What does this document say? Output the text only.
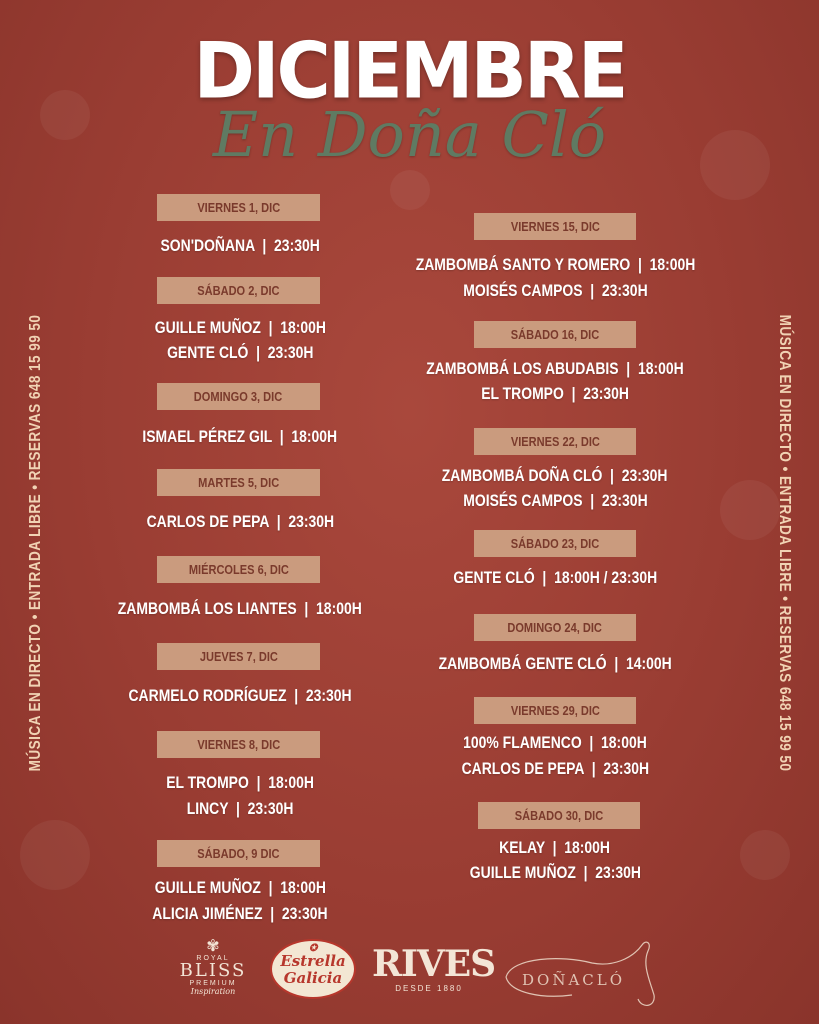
DICIEMBRE
En Doña Cló
MÚSICA EN DIRECTO • ENTRADA LIBRE • RESERVAS 648 15 99 50	MÚSICA EN DIRECTO • ENTRADA LIBRE • RESERVAS 648 15 99 50
VIERNES 1, DIC
SON'DOÑANA  |  23:30H
SÁBADO 2, DIC
GUILLE MUÑOZ  |  18:00H
GENTE CLÓ  |  23:30H
DOMINGO 3, DIC
ISMAEL PÉREZ GIL  |  18:00H
MARTES 5, DIC
CARLOS DE PEPA  |  23:30H
MIÉRCOLES 6, DIC
ZAMBOMBÁ LOS LIANTES  |  18:00H
JUEVES 7, DIC
CARMELO RODRÍGUEZ  |  23:30H
VIERNES 8, DIC
EL TROMPO  |  18:00H
LINCY  |  23:30H
SÁBADO, 9 DIC
GUILLE MUÑOZ  |  18:00H
ALICIA JIMÉNEZ  |  23:30H
VIERNES 15, DIC
ZAMBOMBÁ SANTO Y ROMERO  |  18:00H
MOISÉS CAMPOS  |  23:30H
SÁBADO 16, DIC
ZAMBOMBÁ LOS ABUDABIS  |  18:00H
EL TROMPO  |  23:30H
VIERNES 22, DIC
ZAMBOMBÁ DOÑA CLÓ  |  23:30H
MOISÉS CAMPOS  |  23:30H
SÁBADO 23, DIC
GENTE CLÓ  |  18:00H / 23:30H
DOMINGO 24, DIC
ZAMBOMBÁ GENTE CLÓ  |  14:00H
VIERNES 29, DIC
100% FLAMENCO  |  18:00H
CARLOS DE PEPA  |  23:30H
SÁBADO 30, DIC
KELAY  |  18:00H
GUILLE MUÑOZ  |  23:30H
✾
ROYAL
BLISS
PREMIUM
Inspiration
✪
Estrella
Galicia RIVES
DESDE 1880	DOÑACLÓ
